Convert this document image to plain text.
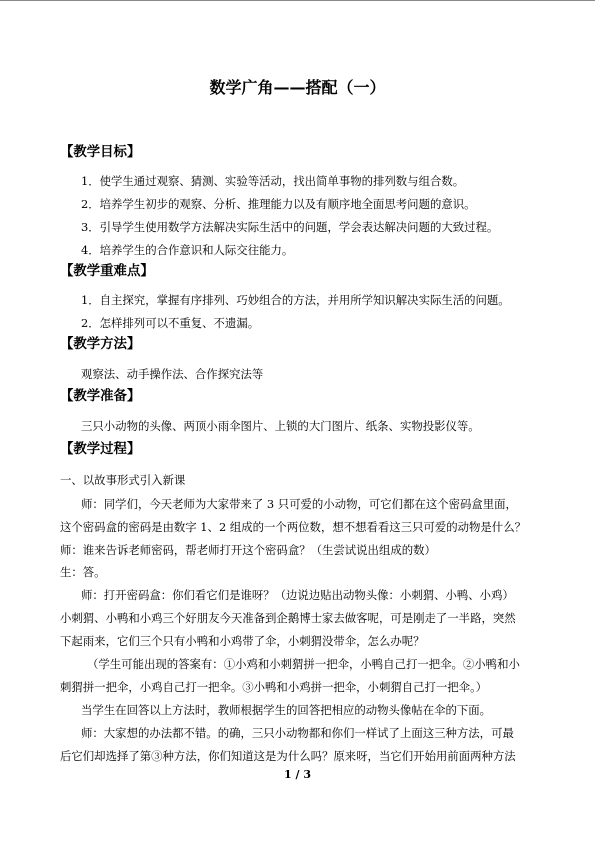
数学广角——搭配（一）
【教学目标】
1．使学生通过观察、猜测、实验等活动，找出简单事物的排列数与组合数。
2．培养学生初步的观察、分析、推理能力以及有顺序地全面思考问题的意识。
3．引导学生使用数学方法解决实际生活中的问题，学会表达解决问题的大致过程。
4．培养学生的合作意识和人际交往能力。
【教学重难点】
1．自主探究，掌握有序排列、巧妙组合的方法，并用所学知识解决实际生活的问题。
2．怎样排列可以不重复、不遗漏。
【教学方法】
观察法、动手操作法、合作探究法等
【教学准备】
三只小动物的头像、两顶小雨伞图片、上锁的大门图片、纸条、实物投影仪等。
【教学过程】
一、以故事形式引入新课
师：同学们，今天老师为大家带来了 3 只可爱的小动物，可它们都在这个密码盒里面，
这个密码盒的密码是由数字 1、2 组成的一个两位数，想不想看看这三只可爱的动物是什么？
师：谁来告诉老师密码，帮老师打开这个密码盒？（生尝试说出组成的数）
生：答。
师：打开密码盒：你们看它们是谁呀？（边说边贴出动物头像：小刺猬、小鸭、小鸡）
小刺猬、小鸭和小鸡三个好朋友今天准备到企鹅博士家去做客呢，可是刚走了一半路，突然
下起雨来，它们三个只有小鸭和小鸡带了伞，小刺猬没带伞，怎么办呢？
（学生可能出现的答案有：①小鸡和小刺猬拼一把伞，小鸭自己打一把伞。②小鸭和小
刺猬拼一把伞，小鸡自己打一把伞。③小鸭和小鸡拼一把伞，小刺猬自己打一把伞。）
当学生在回答以上方法时，教师根据学生的回答把相应的动物头像帖在伞的下面。
师：大家想的办法都不错。的确，三只小动物都和你们一样试了上面这三种方法，可最
后它们却选择了第③种方法，你们知道这是为什么吗？原来呀，当它们开始用前面两种方法
1 / 3
